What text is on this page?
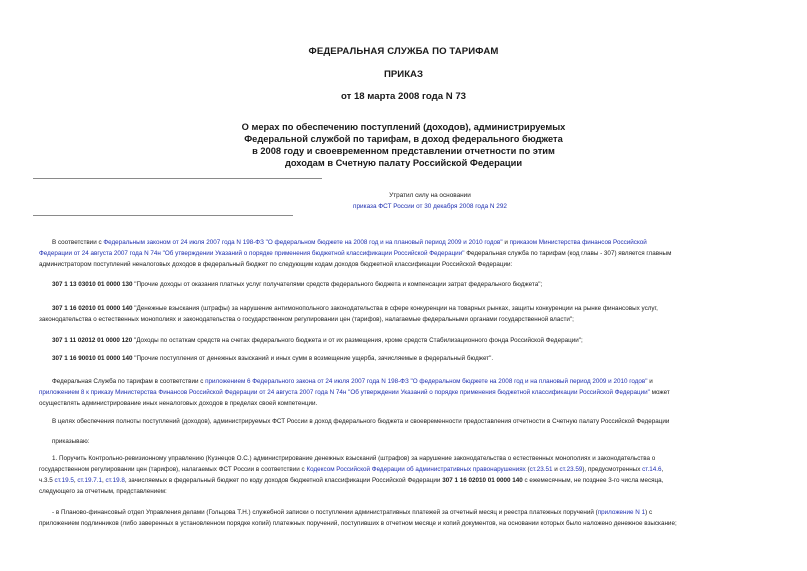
ФЕДЕРАЛЬНАЯ СЛУЖБА ПО ТАРИФАМ
ПРИКАЗ
от 18 марта 2008 года N 73
О мерах по обеспечению поступлений (доходов), администрируемых
Федеральной службой по тарифам, в доход федерального бюджета
в 2008 году и своевременном представлении отчетности по этим
доходам в Счетную палату Российской Федерации
Утратил силу на основании
приказа ФСТ России от 30 декабря 2008 года N 292
В соответствии с Федеральным законом от 24 июля 2007 года N 198-ФЗ "О федеральном бюджете на 2008 год и на плановый период 2009 и 2010 годов" и приказом Министерства финансов Российской
Федерации от 24 августа 2007 года N 74н "Об утверждении Указаний о порядке применения бюджетной классификации Российской Федерации" Федеральная служба по тарифам (код главы - 307) является главным
администратором поступлений неналоговых доходов в федеральный бюджет по следующим кодам доходов бюджетной классификации Российской Федерации:
307 1 13 03010 01 0000 130 "Прочие доходы от оказания платных услуг получателями средств федерального бюджета и компенсации затрат федерального бюджета";
307 1 16 02010 01 0000 140 "Денежные взыскания (штрафы) за нарушение антимонопольного законодательства в сфере конкуренции на товарных рынках, защиты конкуренции на рынке финансовых услуг,
законодательства о естественных монополиях и законодательства о государственном регулировании цен (тарифов), налагаемые федеральными органами государственной власти";
307 1 11 02012 01 0000 120 "Доходы по остаткам средств на счетах федерального бюджета и от их размещения, кроме средств Стабилизационного фонда Российской Федерации";
307 1 16 90010 01 0000 140 "Прочие поступления от денежных взысканий и иных сумм в возмещение ущерба, зачисляемые в федеральный бюджет".
Федеральная Служба по тарифам в соответствии с приложением 6 Федерального закона от 24 июля 2007 года N 198-ФЗ "О федеральном бюджете на 2008 год и на плановый период 2009 и 2010 годов" и
приложением 8 к приказу Министерства Финансов Российской Федерации от 24 августа 2007 года N 74н "Об утверждении Указаний о порядке применения бюджетной классификации Российской Федерации" может
осуществлять администрирование иных неналоговых доходов в пределах своей компетенции.
В целях обеспечения полноты поступлений (доходов), администрируемых ФСТ России в доход федерального бюджета и своевременности предоставления отчетности в Счетную палату Российской Федерации
приказываю:
1. Поручить Контрольно-ревизионному управлению (Кузнецов О.С.) администрирование денежных взысканий (штрафов) за нарушение законодательства о естественных монополиях и законодательства о
государственном регулировании цен (тарифов), налагаемых ФСТ России в соответствии с Кодексом Российской Федерации об административных правонарушениях (ст.23.51 и ст.23.59), предусмотренных ст.14.6,
ч.3.5 ст.19.5, ст.19.7.1, ст.19.8, зачисляемых в федеральный бюджет по коду доходов бюджетной классификации Российской Федерации 307 1 16 02010 01 0000 140 с ежемесячным, не позднее 3-го числа месяца,
следующего за отчетным, представлением:
- в Планово-финансовый отдел Управления делами (Гольцова Т.Н.) служебной записки о поступлении административных платежей за отчетный месяц и реестра платежных поручений (приложение N 1) с
приложением подлинников (либо заверенных в установленном порядке копий) платежных поручений, поступивших в отчетном месяце и копий документов, на основании которых было наложено денежное взыскание;
